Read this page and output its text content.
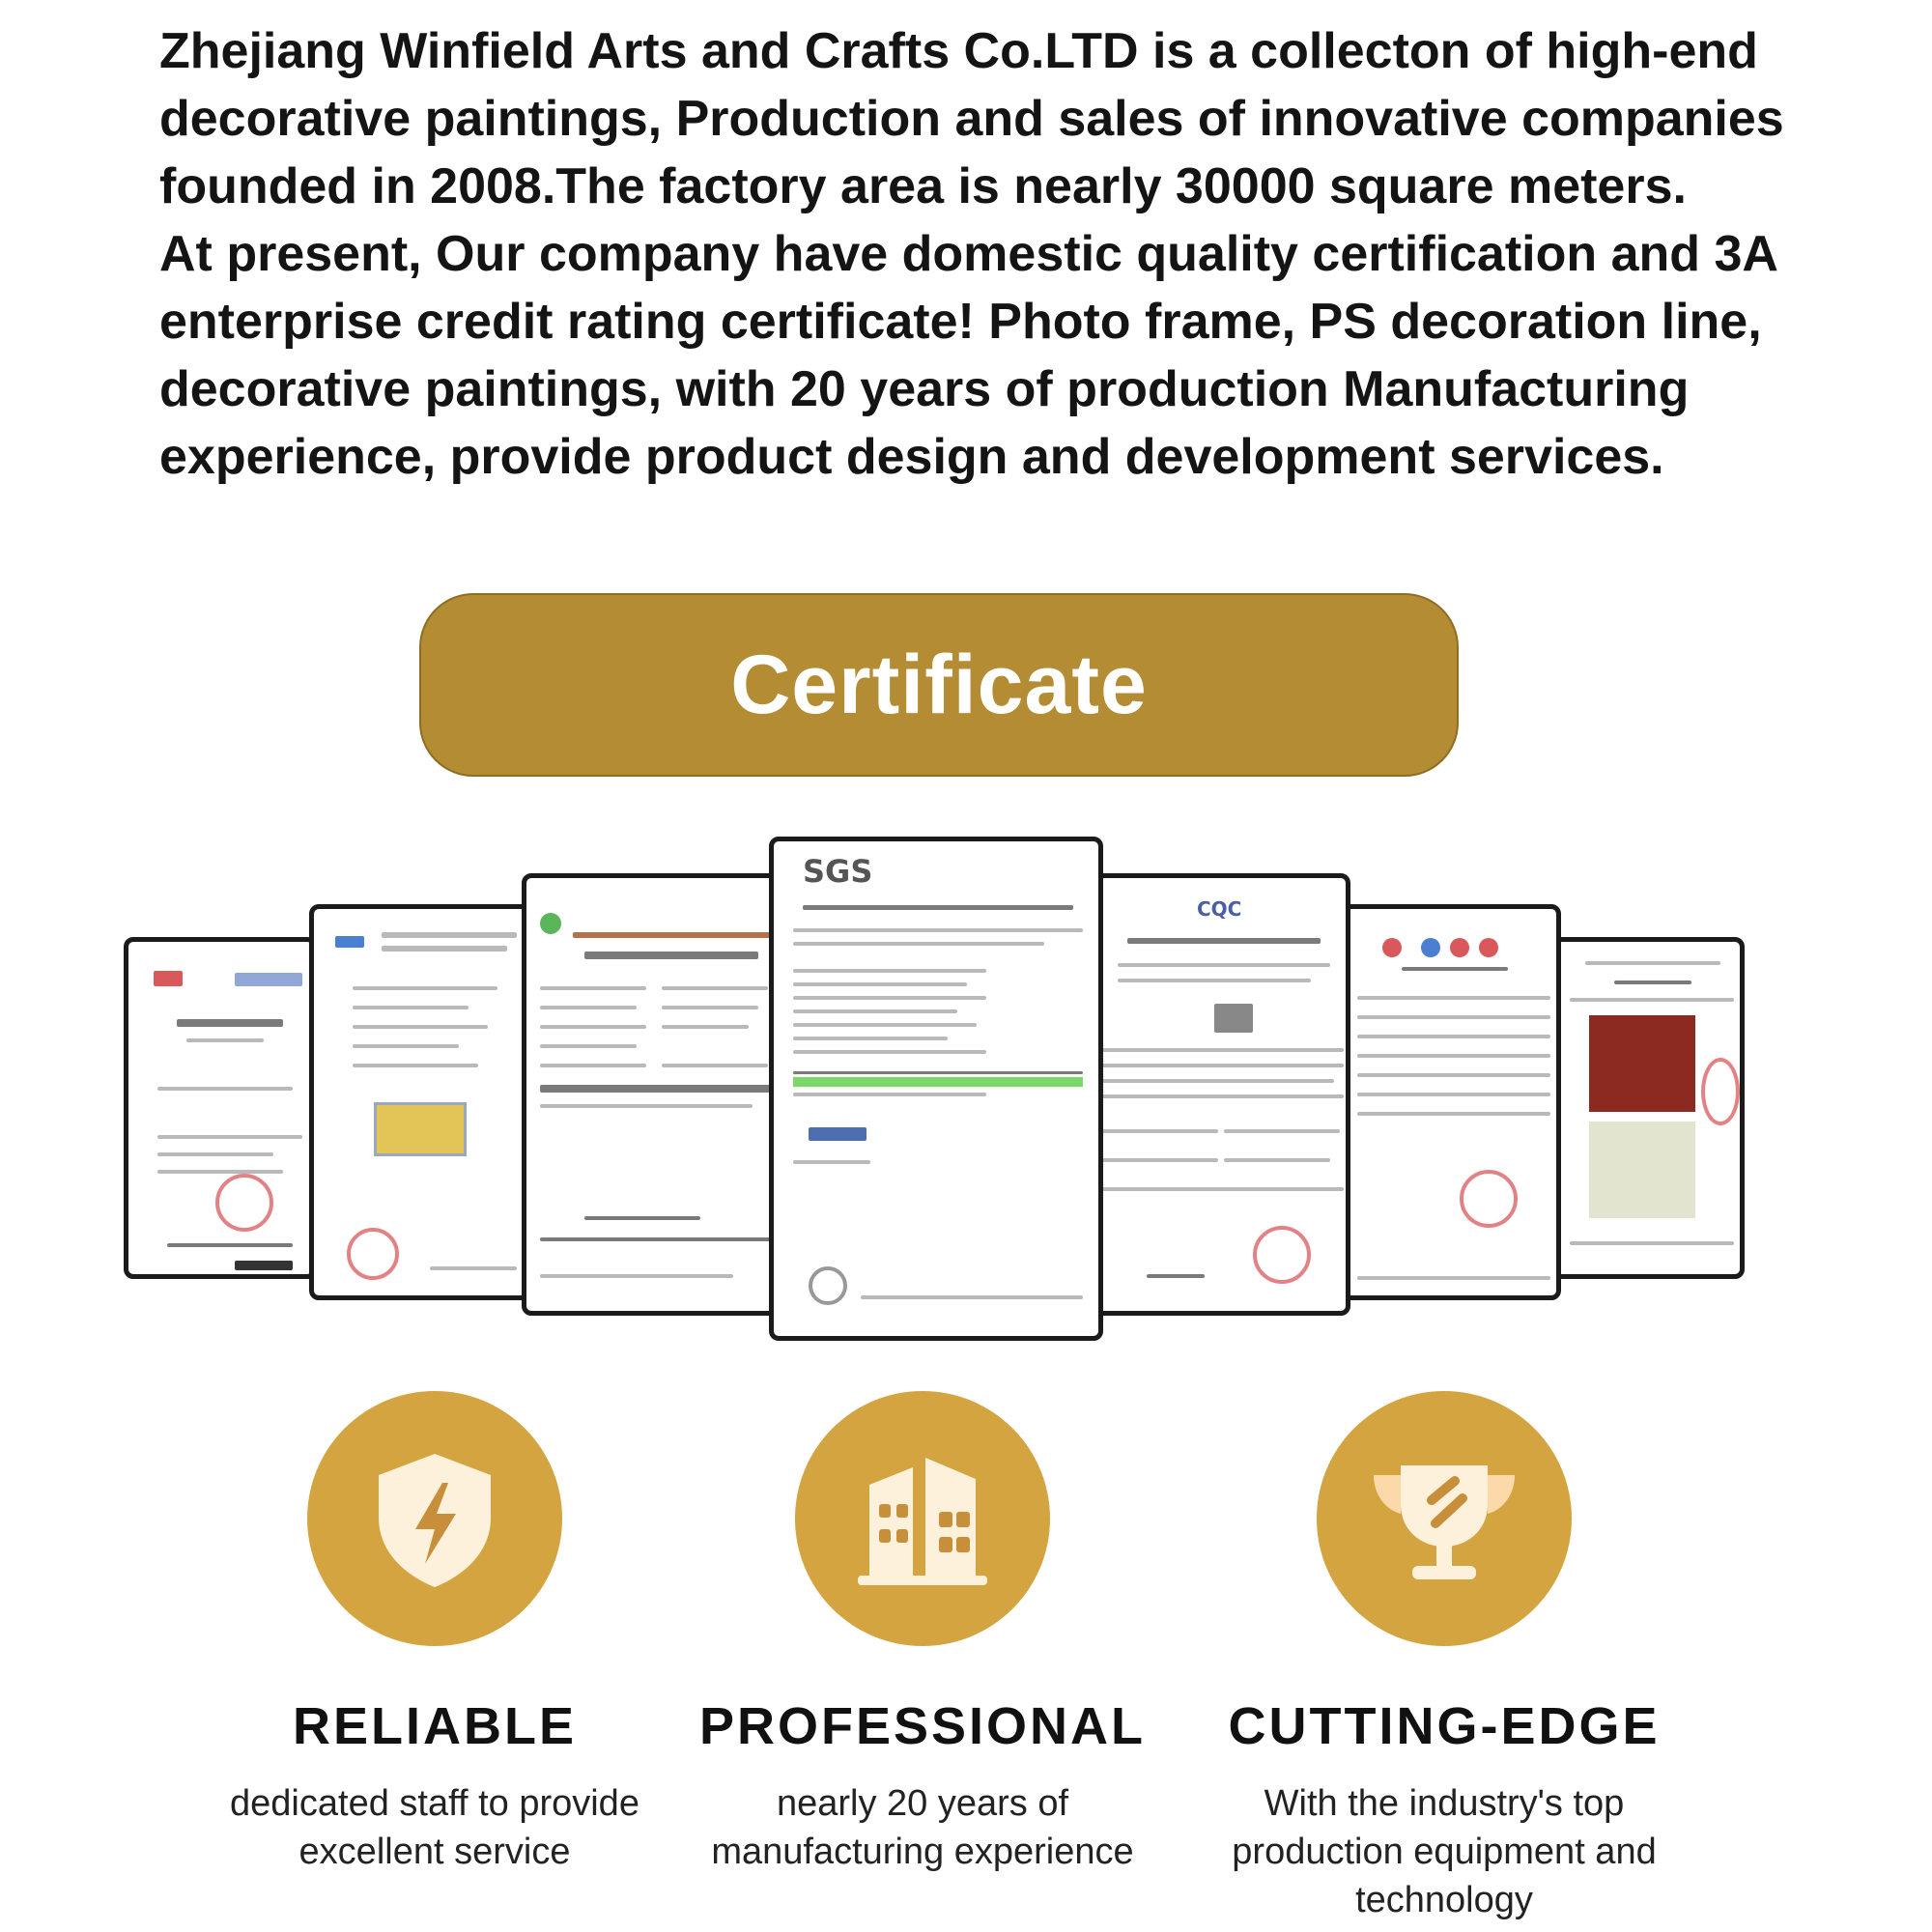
Zhejiang Winfield Arts and Crafts Co.LTD is a collecton of high-end decorative paintings, Production and sales of innovative companies founded in 2008.The factory area is nearly 30000 square meters.

At present, Our company have domestic quality certification and 3A enterprise credit rating certificate! Photo frame, PS decoration line, decorative paintings, with 20 years of production Manufacturing experience, provide product design and development services.

Certificate
SGS
CQC
RELIABLE
dedicated staff to provide excellent service
PROFESSIONAL
nearly 20 years of manufacturing experience
CUTTING-EDGE
With the industry's top production equipment and technology
